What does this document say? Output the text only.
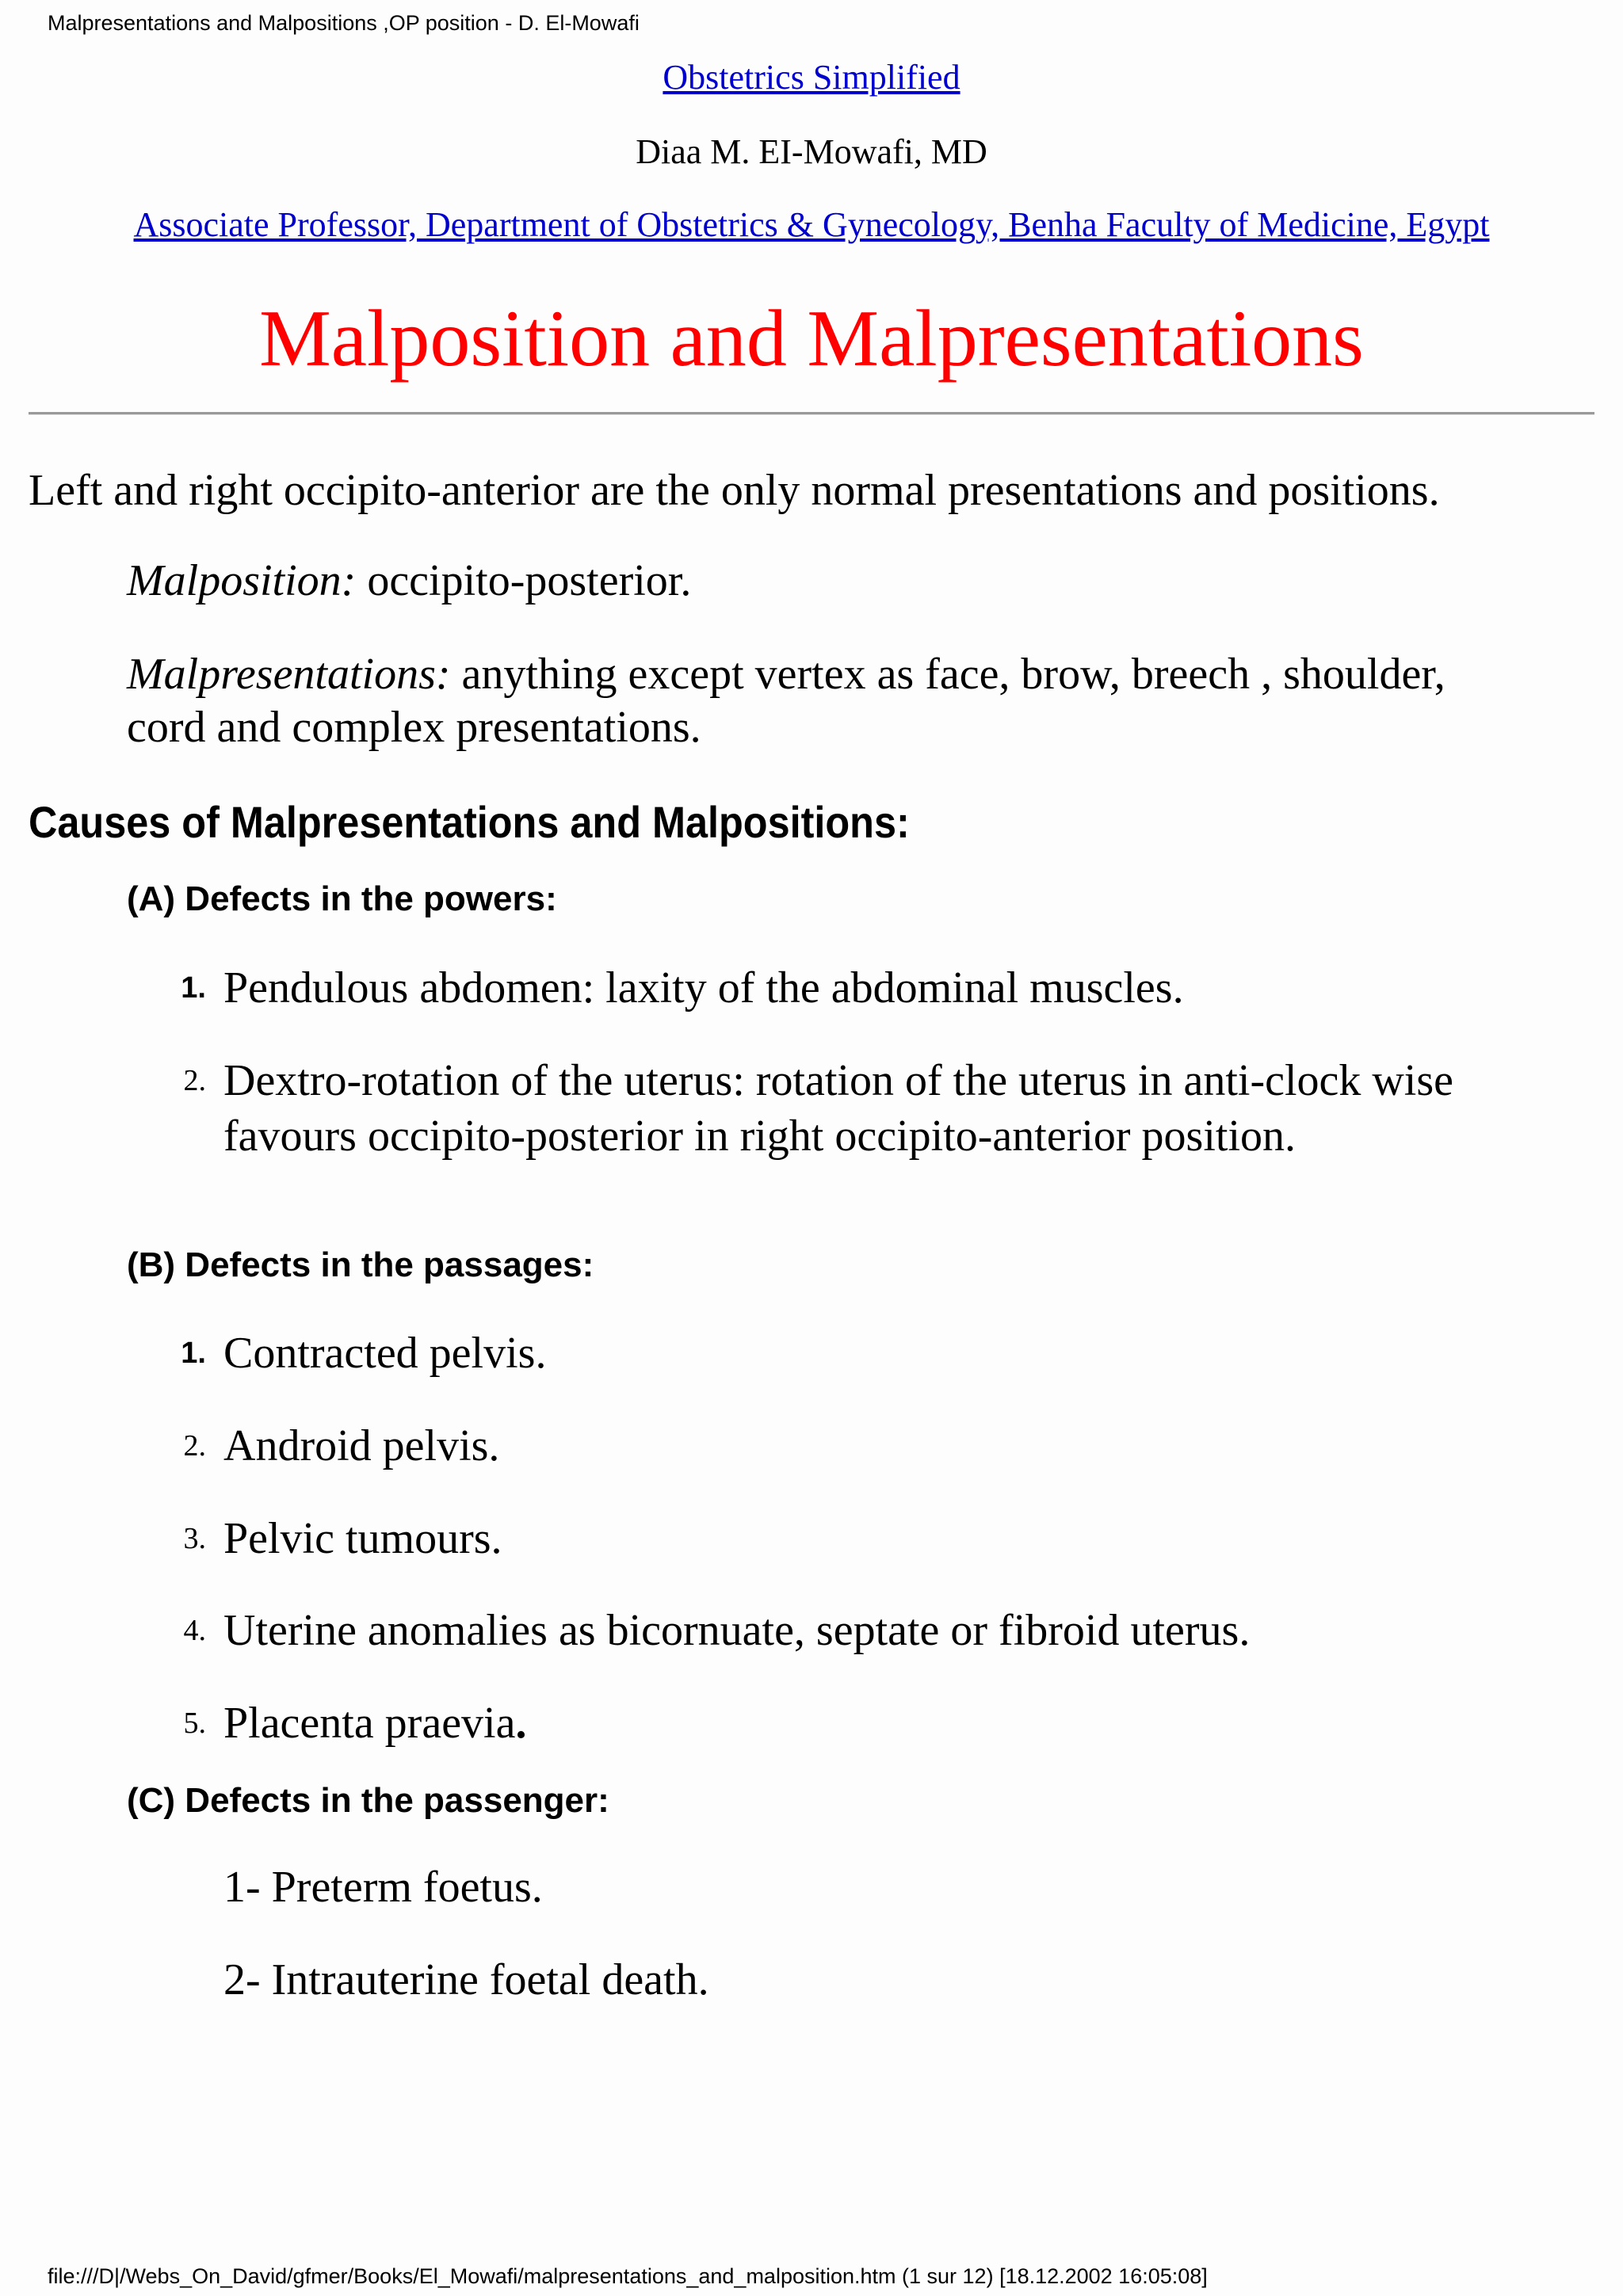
Malpresentations and Malpositions ,OP position - D. El-Mowafi
Obstetrics Simplified
Diaa M. EI-Mowafi, MD
Associate Professor, Department of Obstetrics & Gynecology, Benha Faculty of Medicine, Egypt
Malposition and Malpresentations

Left and right occipito-anterior are the only normal presentations and positions.

Malposition: occipito-posterior.

Malpresentations: anything except vertex as face, brow, breech , shoulder, cord and complex presentations.

Causes of Malpresentations and Malpositions:
(A) Defects in the powers:
1. Pendulous abdomen: laxity of the abdominal muscles.
2. Dextro-rotation of the uterus: rotation of the uterus in anti-clock wise favours occipito-posterior in right occipito-anterior position.
(B) Defects in the passages:
1. Contracted pelvis.
2. Android pelvis.
3. Pelvic tumours.
4. Uterine anomalies as bicornuate, septate or fibroid uterus.
5. Placenta praevia.
(C) Defects in the passenger:
1- Preterm foetus.
2- Intrauterine foetal death.
file:///D|/Webs_On_David/gfmer/Books/El_Mowafi/malpresentations_and_malposition.htm (1 sur 12) [18.12.2002 16:05:08]
